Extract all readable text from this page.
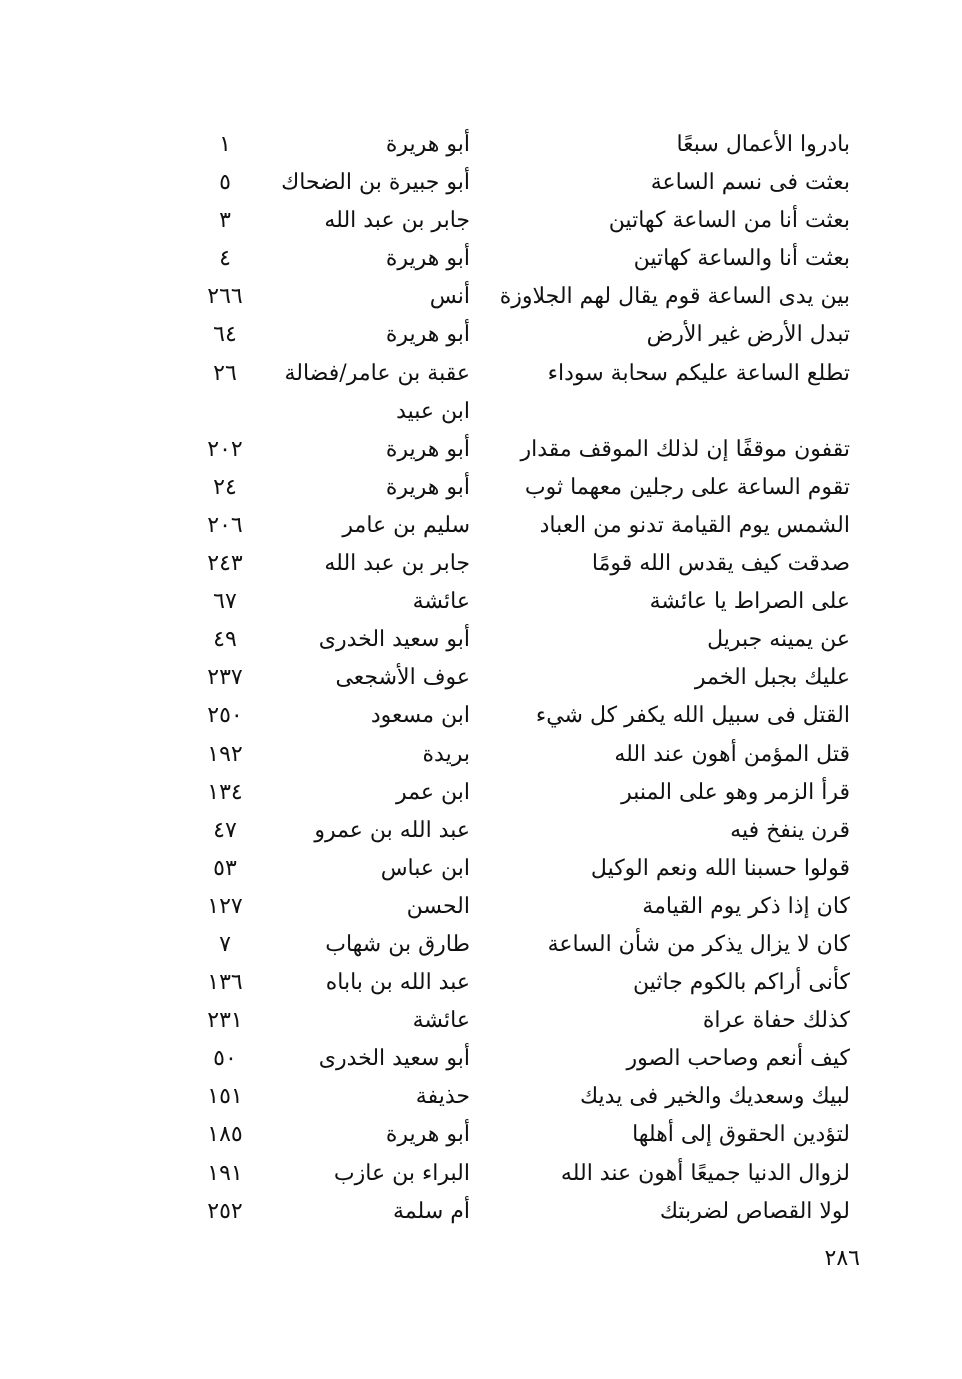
بادروا الأعمال سبعًا
أبو هريرة
١
بعثت فى نسم الساعة
أبو جبيرة بن الضحاك
٥
بعثت أنا من الساعة كهاتين
جابر بن عبد الله
٣
بعثت أنا والساعة كهاتين
أبو هريرة
٤
بين يدى الساعة قوم يقال لهم الجلاوزة
أنس
٢٦٦
تبدل الأرض غير الأرض
أبو هريرة
٦٤
تطلع الساعة عليكم سحابة سوداء
عقبة بن عامر/فضالة
٢٦
ابن عبيد
تقفون موقفًا إن لذلك الموقف مقدار
أبو هريرة
٢٠٢
تقوم الساعة على رجلين معهما ثوب
أبو هريرة
٢٤
الشمس يوم القيامة تدنو من العباد
سليم بن عامر
٢٠٦
صدقت كيف يقدس الله قومًا
جابر بن عبد الله
٢٤٣
على الصراط يا عائشة
عائشة
٦٧
عن يمينه جبريل
أبو سعيد الخدرى
٤٩
عليك بجبل الخمر
عوف الأشجعى
٢٣٧
القتل فى سبيل الله يكفر كل شيء
ابن مسعود
٢٥٠
قتل المؤمن أهون عند الله
بريدة
١٩٢
قرأ الزمر وهو على المنبر
ابن عمر
١٣٤
قرن ينفخ فيه
عبد الله بن عمرو
٤٧
قولوا حسبنا الله ونعم الوكيل
ابن عباس
٥٣
كان إذا ذكر يوم القيامة
الحسن
١٢٧
كان لا يزال يذكر من شأن الساعة
طارق بن شهاب
٧
كأنى أراكم بالكوم جاثين
عبد الله بن باباه
١٣٦
كذلك حفاة عراة
عائشة
٢٣١
كيف أنعم وصاحب الصور
أبو سعيد الخدرى
٥٠
لبيك وسعديك والخير فى يديك
حذيفة
١٥١
لتؤدين الحقوق إلى أهلها
أبو هريرة
١٨٥
لزوال الدنيا جميعًا أهون عند الله
البراء بن عازب
١٩١
لولا القصاص لضربتك
أم سلمة
٢٥٢
٢٨٦
